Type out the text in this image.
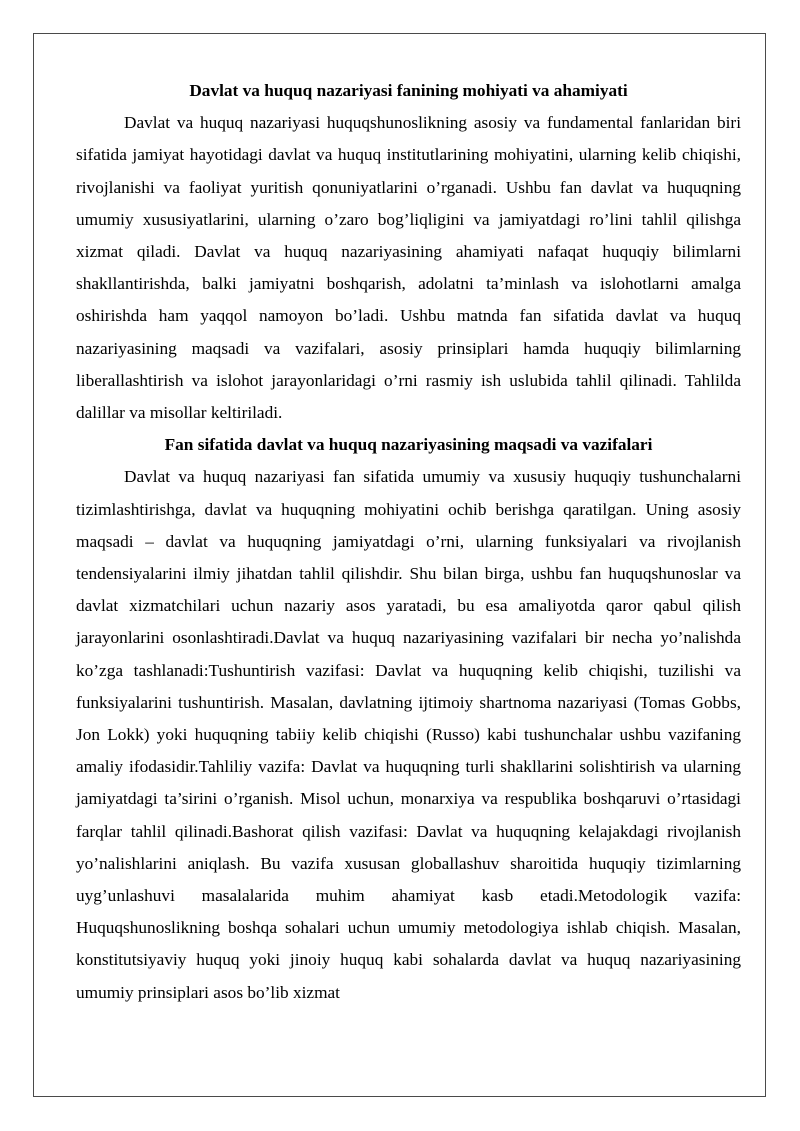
Davlat va huquq nazariyasi fanining mohiyati va ahamiyati

Davlat va huquq nazariyasi huquqshunoslikning asosiy va fundamental fanlaridan biri sifatida jamiyat hayotidagi davlat va huquq institutlarining mohiyatini, ularning kelib chiqishi, rivojlanishi va faoliyat yuritish qonuniyatlarini o’rganadi. Ushbu fan davlat va huquqning umumiy xususiyatlarini, ularning o’zaro bog’liqligini va jamiyatdagi ro’lini tahlil qilishga xizmat qiladi. Davlat va huquq nazariyasining ahamiyati nafaqat huquqiy bilimlarni shakllantirishda, balki jamiyatni boshqarish, adolatni ta’minlash va islohotlarni amalga oshirishda ham yaqqol namoyon bo’ladi. Ushbu matnda fan sifatida davlat va huquq nazariyasining maqsadi va vazifalari, asosiy prinsiplari hamda huquqiy bilimlarning liberallashtirish va islohot jarayonlaridagi o’rni rasmiy ish uslubida tahlil qilinadi. Tahlilda dalillar va misollar keltiriladi.

Fan sifatida davlat va huquq nazariyasining maqsadi va vazifalari

Davlat va huquq nazariyasi fan sifatida umumiy va xususiy huquqiy tushunchalarni tizimlashtirishga, davlat va huquqning mohiyatini ochib berishga qaratilgan. Uning asosiy maqsadi – davlat va huquqning jamiyatdagi o’rni, ularning funksiyalari va rivojlanish tendensiyalarini ilmiy jihatdan tahlil qilishdir. Shu bilan birga, ushbu fan huquqshunoslar va davlat xizmatchilari uchun nazariy asos yaratadi, bu esa amaliyotda qaror qabul qilish jarayonlarini osonlashtiradi.Davlat va huquq nazariyasining vazifalari bir necha yo’nalishda ko’zga tashlanadi:Tushuntirish vazifasi: Davlat va huquqning kelib chiqishi, tuzilishi va funksiyalarini tushuntirish. Masalan, davlatning ijtimoiy shartnoma nazariyasi (Tomas Gobbs, Jon Lokk) yoki huquqning tabiiy kelib chiqishi (Russo) kabi tushunchalar ushbu vazifaning amaliy ifodasidir.Tahliliy vazifa: Davlat va huquqning turli shakllarini solishtirish va ularning jamiyatdagi ta’sirini o’rganish. Misol uchun, monarxiya va respublika boshqaruvi o’rtasidagi farqlar tahlil qilinadi.Bashorat qilish vazifasi: Davlat va huquqning kelajakdagi rivojlanish yo’nalishlarini aniqlash. Bu vazifa xususan globallashuv sharoitida huquqiy tizimlarning uyg’unlashuvi masalalarida muhim ahamiyat kasb etadi.Metodologik vazifa: Huquqshunoslikning boshqa sohalari uchun umumiy metodologiya ishlab chiqish. Masalan, konstitutsiyaviy huquq yoki jinoiy huquq kabi sohalarda davlat va huquq nazariyasining umumiy prinsiplari asos bo’lib xizmat
